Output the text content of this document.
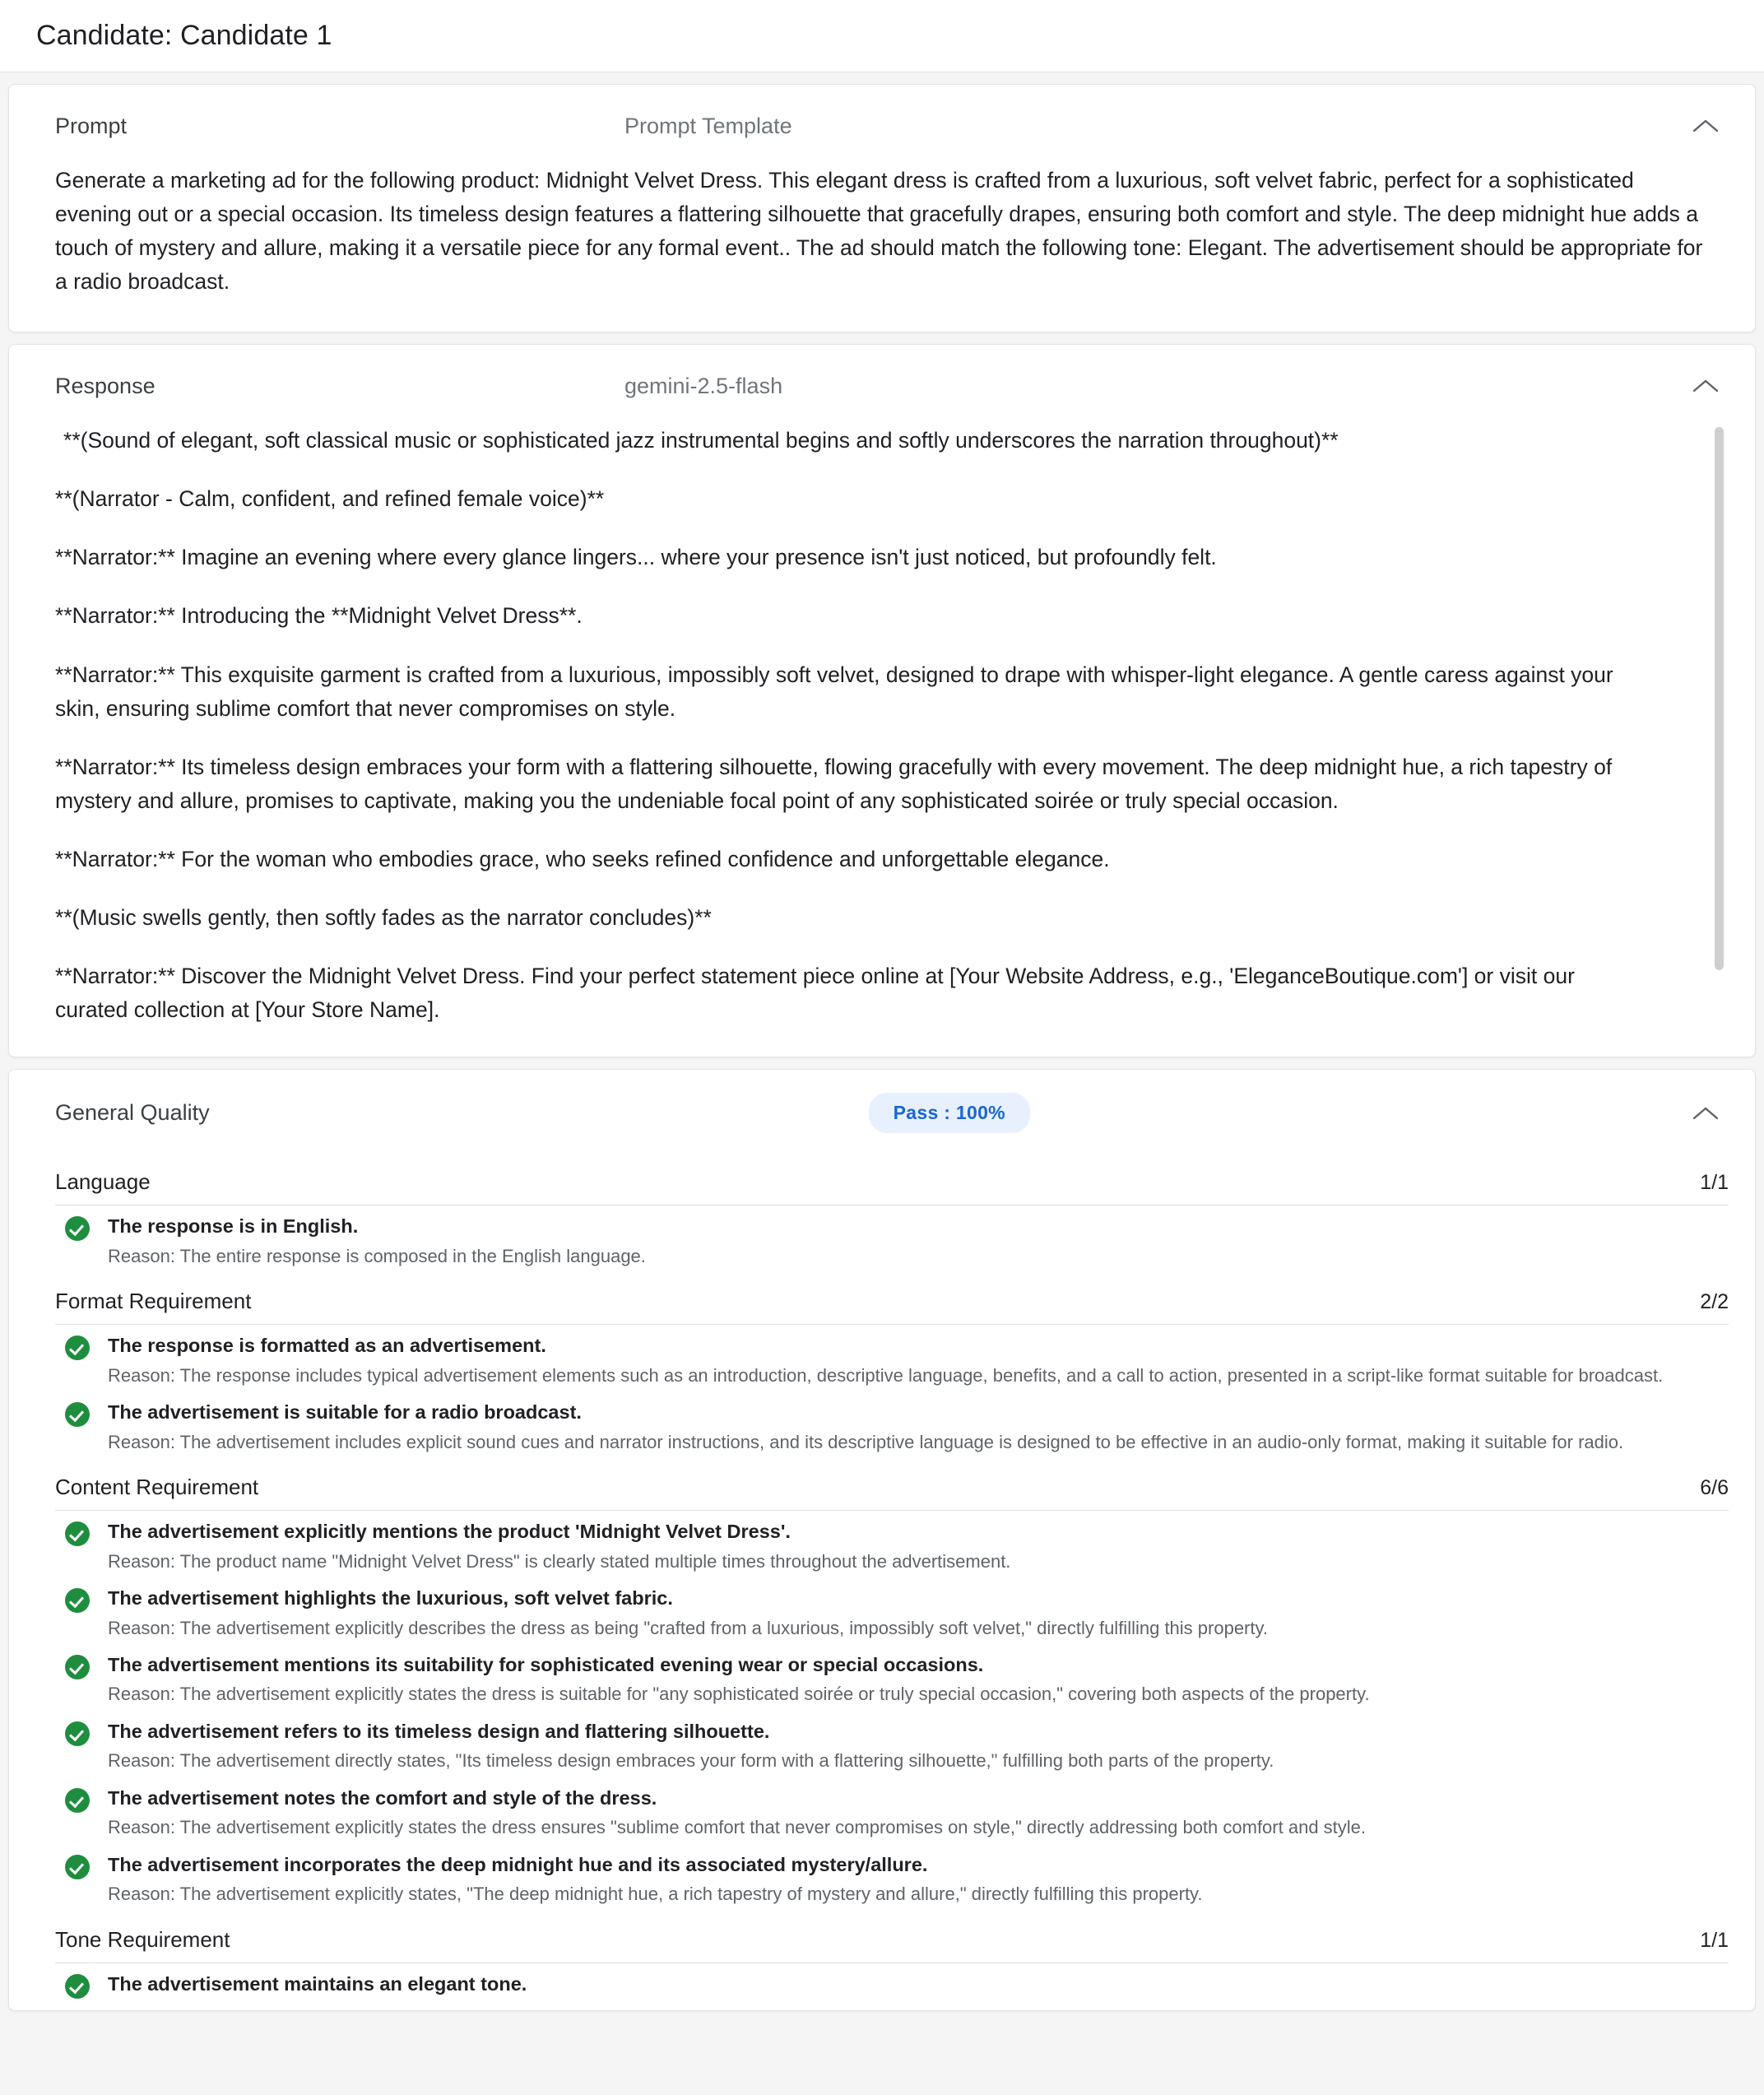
Candidate: Candidate 1
Prompt	Prompt Template

Generate a marketing ad for the following product: Midnight Velvet Dress. This elegant dress is crafted from a luxurious, soft velvet fabric, perfect for a sophisticated evening out or a special occasion. Its timeless design features a flattering silhouette that gracefully drapes, ensuring both comfort and style. The deep midnight hue adds a touch of mystery and allure, making it a versatile piece for any formal event.. The ad should match the following tone: Elegant. The advertisement should be appropriate for a radio broadcast.

Response	gemini-2.5-flash

**(Sound of elegant, soft classical music or sophisticated jazz instrumental begins and softly underscores the narration throughout)**

**(Narrator - Calm, confident, and refined female voice)**

**Narrator:** Imagine an evening where every glance lingers... where your presence isn't just noticed, but profoundly felt.

**Narrator:** Introducing the **Midnight Velvet Dress**.

**Narrator:** This exquisite garment is crafted from a luxurious, impossibly soft velvet, designed to drape with whisper-light elegance. A gentle caress against your skin, ensuring sublime comfort that never compromises on style.

**Narrator:** Its timeless design embraces your form with a flattering silhouette, flowing gracefully with every movement. The deep midnight hue, a rich tapestry of mystery and allure, promises to captivate, making you the undeniable focal point of any sophisticated soirée or truly special occasion.

**Narrator:** For the woman who embodies grace, who seeks refined confidence and unforgettable elegance.

**(Music swells gently, then softly fades as the narrator concludes)**

**Narrator:** Discover the Midnight Velvet Dress. Find your perfect statement piece online at [Your Website Address, e.g., 'EleganceBoutique.com'] or visit our curated collection at [Your Store Name].

General Quality	Pass : 100%
Language	1/1
The response is in English.
Reason: The entire response is composed in the English language.
Format Requirement	2/2
The response is formatted as an advertisement.
Reason: The response includes typical advertisement elements such as an introduction, descriptive language, benefits, and a call to action, presented in a script-like format suitable for broadcast.
The advertisement is suitable for a radio broadcast.
Reason: The advertisement includes explicit sound cues and narrator instructions, and its descriptive language is designed to be effective in an audio-only format, making it suitable for radio.
Content Requirement	6/6
The advertisement explicitly mentions the product 'Midnight Velvet Dress'.
Reason: The product name "Midnight Velvet Dress" is clearly stated multiple times throughout the advertisement.
The advertisement highlights the luxurious, soft velvet fabric.
Reason: The advertisement explicitly describes the dress as being "crafted from a luxurious, impossibly soft velvet," directly fulfilling this property.
The advertisement mentions its suitability for sophisticated evening wear or special occasions.
Reason: The advertisement explicitly states the dress is suitable for "any sophisticated soirée or truly special occasion," covering both aspects of the property.
The advertisement refers to its timeless design and flattering silhouette.
Reason: The advertisement directly states, "Its timeless design embraces your form with a flattering silhouette," fulfilling both parts of the property.
The advertisement notes the comfort and style of the dress.
Reason: The advertisement explicitly states the dress ensures "sublime comfort that never compromises on style," directly addressing both comfort and style.
The advertisement incorporates the deep midnight hue and its associated mystery/allure.
Reason: The advertisement explicitly states, "The deep midnight hue, a rich tapestry of mystery and allure," directly fulfilling this property.
Tone Requirement	1/1
The advertisement maintains an elegant tone.
